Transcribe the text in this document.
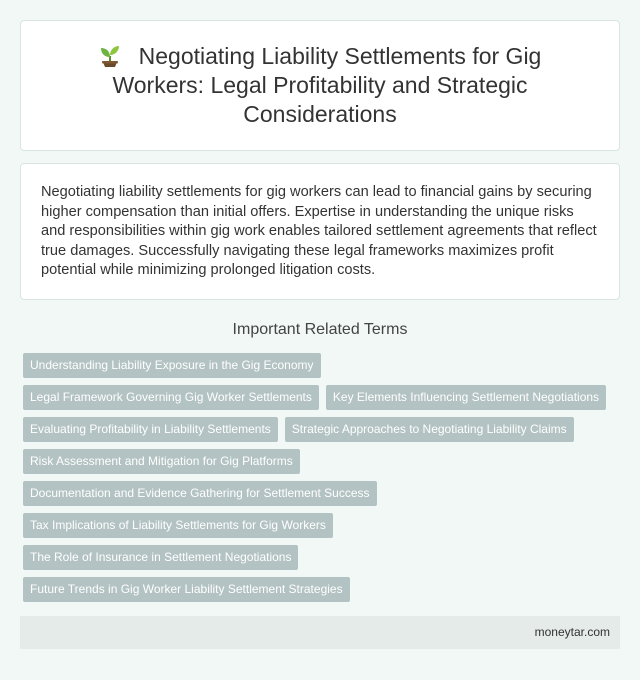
Negotiating Liability Settlements for Gig Workers: Legal Profitability and Strategic Considerations

Negotiating liability settlements for gig workers can lead to financial gains by securing higher compensation than initial offers. Expertise in understanding the unique risks and responsibilities within gig work enables tailored settlement agreements that reflect true damages. Successfully navigating these legal frameworks maximizes profit potential while minimizing prolonged litigation costs.

Important Related Terms
Understanding Liability Exposure in the Gig Economy
Legal Framework Governing Gig Worker Settlements	Key Elements Influencing Settlement Negotiations
Evaluating Profitability in Liability Settlements	Strategic Approaches to Negotiating Liability Claims
Risk Assessment and Mitigation for Gig Platforms
Documentation and Evidence Gathering for Settlement Success
Tax Implications of Liability Settlements for Gig Workers
The Role of Insurance in Settlement Negotiations
Future Trends in Gig Worker Liability Settlement Strategies
moneytar.com
